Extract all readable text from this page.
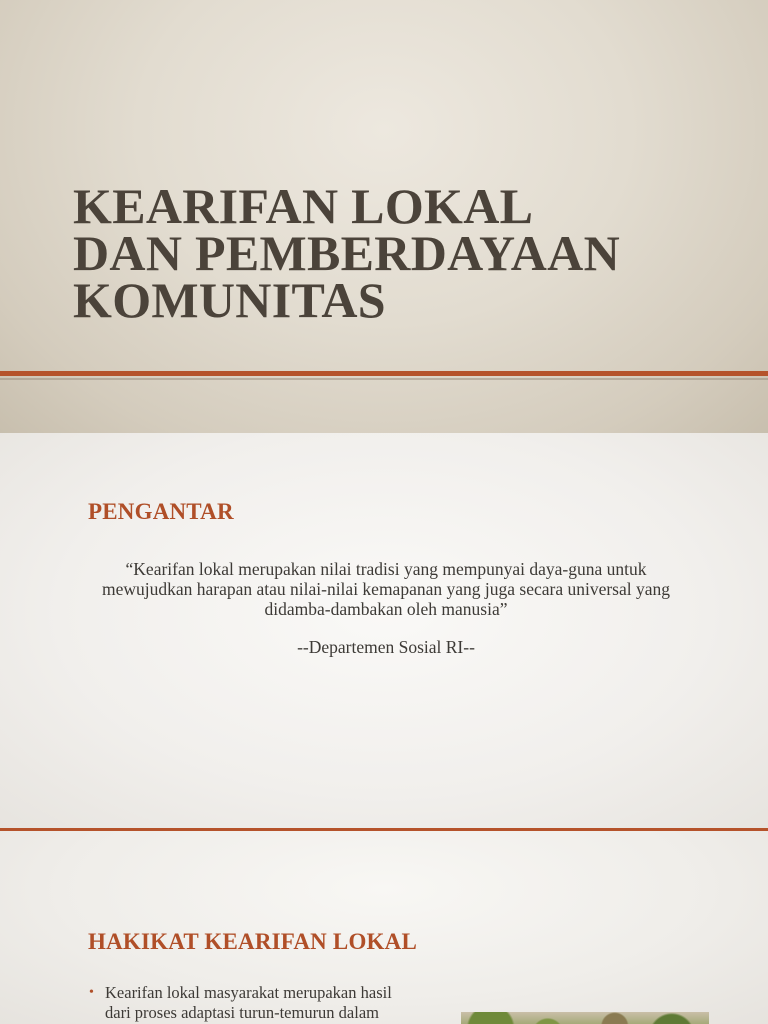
KEARIFAN LOKAL
DAN PEMBERDAYAAN
KOMUNITAS
PENGANTAR

“Kearifan lokal merupakan nilai tradisi yang mempunyai daya-guna untuk mewujudkan harapan atau nilai-nilai kemapanan yang juga secara universal yang didamba-dambakan oleh manusia”

--Departemen Sosial RI--

HAKIKAT KEARIFAN LOKAL
• Kearifan lokal masyarakat merupakan hasil dari proses adaptasi turun-temurun dalam
